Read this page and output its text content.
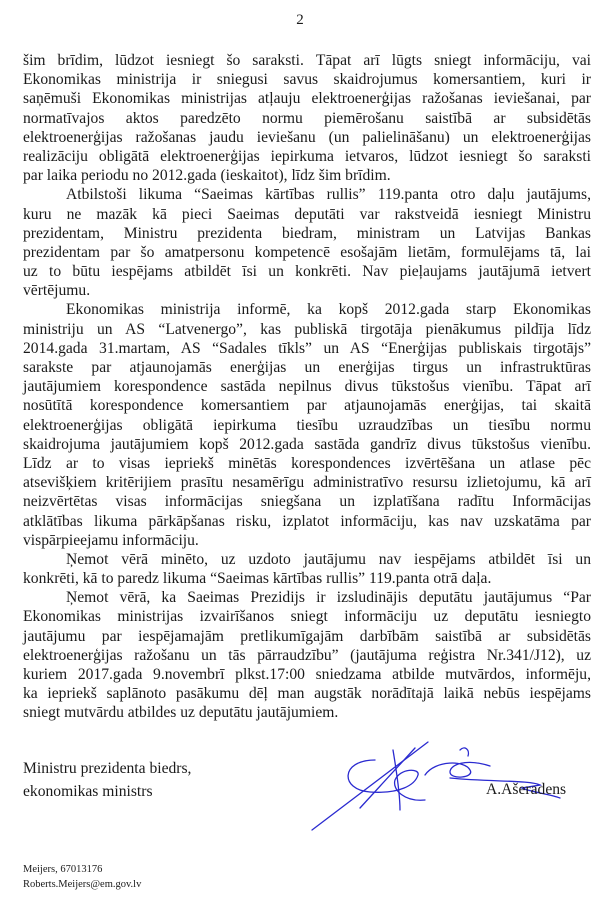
2
šim brīdim, lūdzot iesniegt šo sarakstі. Tāpat arī lūgts sniegt informāciju, vai
Ekonomikas ministrija ir sniegusi savus skaidrojumus komersantiem, kuri ir
saņēmuši Ekonomikas ministrijas atļauju elektroenerģijas ražošanas ieviešanai, par
normatīvajos aktos paredzēto normu piemērošanu saistībā ar subsidētās
elektroenerģijas ražošanas jaudu ieviešanu (un palielināšanu) un elektroenerģijas
realizāciju obligātā elektroenerģijas iepirkuma ietvaros, lūdzot iesniegt šo sarakstі
par laika periodu no 2012.gada (ieskaitot), līdz šim brīdim.
Atbilstoši likuma “Saeimas kārtības rullis” 119.panta otro daļu jautājums,
kuru ne mazāk kā pieci Saeimas deputāti var rakstveidā iesniegt Ministru
prezidentam, Ministru prezidenta biedram, ministram un Latvijas Bankas
prezidentam par šo amatpersonu kompetencē esošajām lietām, formulējams tā, lai
uz to būtu iespējams atbildēt īsi un konkrēti. Nav pieļaujams jautājumā ietvert
vērtējumu.
Ekonomikas ministrija informē, ka kopš 2012.gada starp Ekonomikas
ministriju un AS “Latvenergo”, kas publiskā tirgotāja pienākumus pildīja līdz
2014.gada 31.martam, AS “Sadales tīkls” un AS “Enerģijas publiskais tirgotājs”
sarakste par atjaunojamās enerģijas un enerģijas tirgus un infrastruktūras
jautājumiem korespondence sastāda nepilnus divus tūkstošus vienību. Tāpat arī
nosūtītā korespondence komersantiem par atjaunojamās enerģijas, tai skaitā
elektroenerģijas obligātā iepirkuma tiesību uzraudzības un tiesību normu
skaidrojuma jautājumiem kopš 2012.gada sastāda gandrīz divus tūkstošus vienību.
Līdz ar to visas iepriekš minētās korespondences izvērtēšana un atlase pēc
atsevišķiem kritērijiem prasītu nesamērīgu administratīvo resursu izlietojumu, kā arī
neizvērtētas visas informācijas sniegšana un izplatīšana radītu Informācijas
atklātības likuma pārkāpšanas risku, izplatot informāciju, kas nav uzskatāma par
vispārpieejamu informāciju.
Ņemot vērā minēto, uz uzdoto jautājumu nav iespējams atbildēt īsi un
konkrēti, kā to paredz likuma “Saeimas kārtības rullis” 119.panta otrā daļa.
Ņemot vērā, ka Saeimas Prezidijs ir izsludinājis deputātu jautājumus “Par
Ekonomikas ministrijas izvairīšanos sniegt informāciju uz deputātu iesniegto
jautājumu par iespējamajām pretlikumīgajām darbībām saistībā ar subsidētās
elektroenerģijas ražošanu un tās pārraudzību” (jautājuma reģistra Nr.341/J12), uz
kuriem 2017.gada 9.novembrī plkst.17:00 sniedzama atbilde mutvārdos, informēju,
ka iepriekš saplānoto pasākumu dēļ man augstāk norādītajā laikā nebūs iespējams
sniegt mutvārdu atbildes uz deputātu jautājumiem.
Ministru prezidenta biedrs,
ekonomikas ministrs	A.Ašeradens
Meijers, 67013176
Roberts.Meijers@em.gov.lv
